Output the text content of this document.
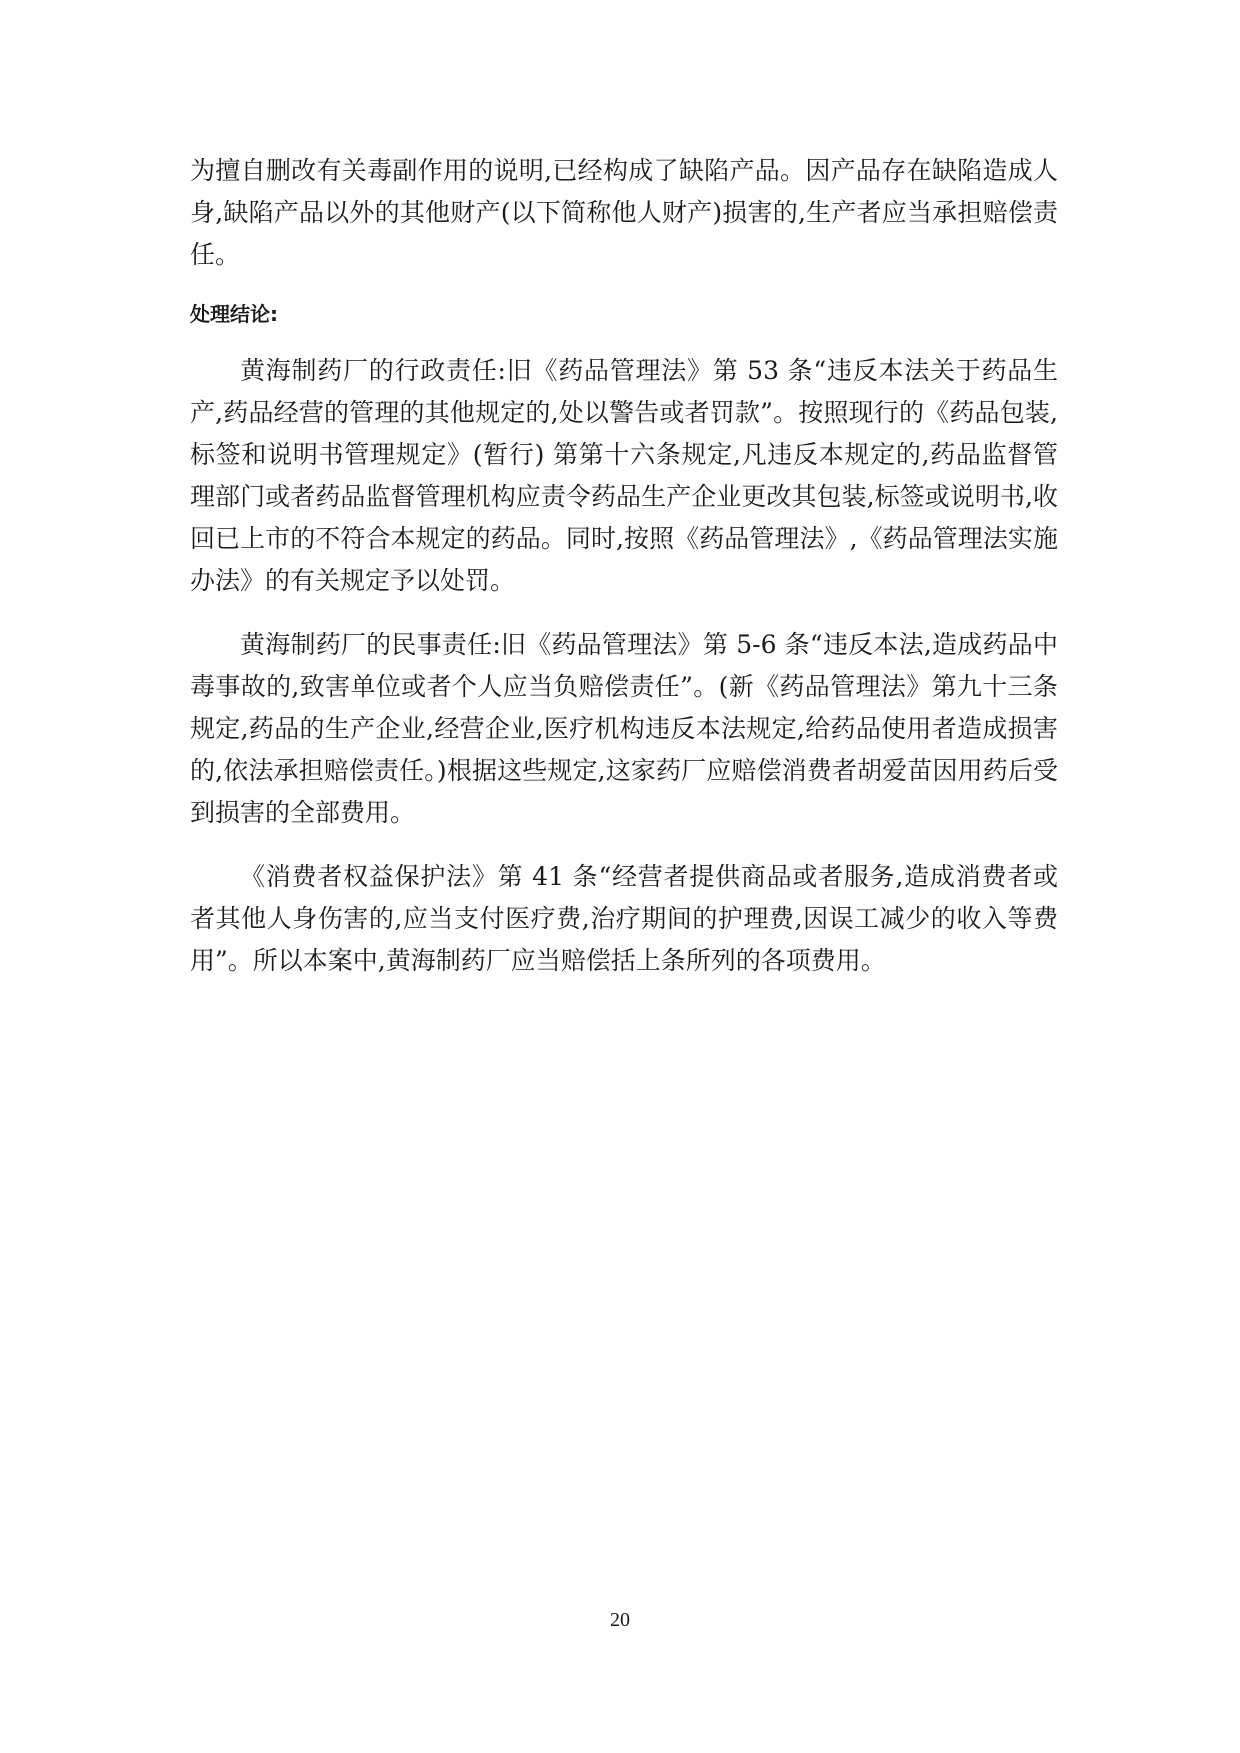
为擅自删改有关毒副作用的说明,已经构成了缺陷产品。因产品存在缺陷造成人身,缺陷产品以外的其他财产(以下简称他人财产)损害的,生产者应当承担赔偿责任。

处理结论:

黄海制药厂的行政责任:旧《药品管理法》第 53 条“违反本法关于药品生产,药品经营的管理的其他规定的,处以警告或者罚款”。按照现行的《药品包装,标签和说明书管理规定》(暂行) 第第十六条规定,凡违反本规定的,药品监督管理部门或者药品监督管理机构应责令药品生产企业更改其包装,标签或说明书,收回已上市的不符合本规定的药品。同时,按照《药品管理法》,《药品管理法实施办法》的有关规定予以处罚。

黄海制药厂的民事责任:旧《药品管理法》第 5-6 条“违反本法,造成药品中毒事故的,致害单位或者个人应当负赔偿责任”。(新《药品管理法》第九十三条规定,药品的生产企业,经营企业,医疗机构违反本法规定,给药品使用者造成损害的,依法承担赔偿责任。)根据这些规定,这家药厂应赔偿消费者胡爱苗因用药后受到损害的全部费用。

《消费者权益保护法》第 41 条“经营者提供商品或者服务,造成消费者或者其他人身伤害的,应当支付医疗费,治疗期间的护理费,因误工减少的收入等费用”。所以本案中,黄海制药厂应当赔偿括上条所列的各项费用。

20
